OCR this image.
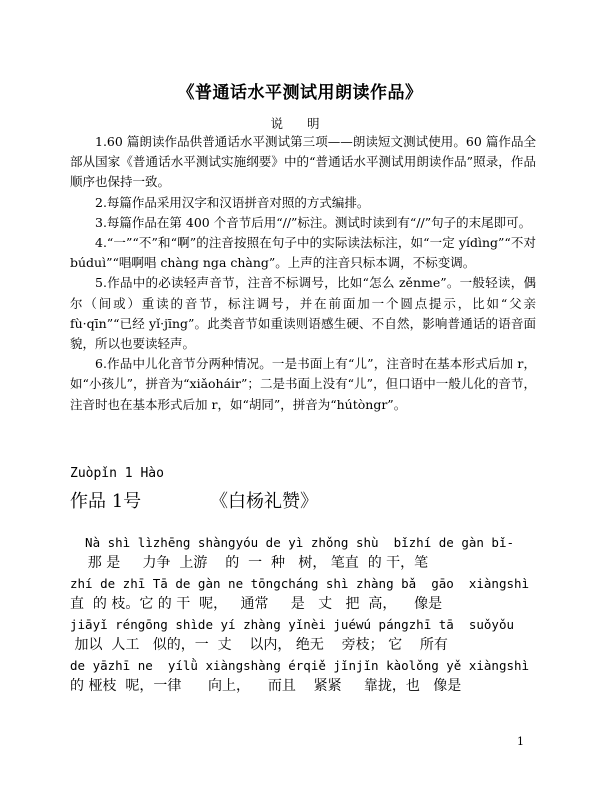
《普通话水平测试用朗读作品》
说 明

1.60 篇朗读作品供普通话水平测试第三项——朗读短文测试使用。60 篇作品全部从国家《普通话水平测试实施纲要》中的“普通话水平测试用朗读作品”照录，作品顺序也保持一致。

2.每篇作品采用汉字和汉语拼音对照的方式编排。

3.每篇作品在第 400 个音节后用“//”标注。测试时读到有“//”句子的末尾即可。

4.“一”“不”和“啊”的注音按照在句子中的实际读法标注，如“一定 yídìng”“不对 búduì”“唱啊唱 chàng nga chàng”。上声的注音只标本调，不标变调。

5.作品中的必读轻声音节，注音不标调号，比如“怎么 zěnme”。一般轻读，偶尔（间或）重读的音节，标注调号，并在前面加一个圆点提示，比如“父亲 fù·qīn”“已经 yǐ·jīng”。此类音节如重读则语感生硬、不自然，影响普通话的语音面貌，所以也要读轻声。

6.作品中儿化音节分两种情况。一是书面上有“儿”，注音时在基本形式后加 r，如“小孩儿”，拼音为“xiǎoháir”；二是书面上没有“儿”，但口语中一般儿化的音节，注音时也在基本形式后加 r，如“胡同”，拼音为“hútòngr”。

Zuòpǐn 1 Hào
作品 1号	《白杨礼赞》
Nà shì lìzhēng shàngyóu de yì zhǒng shù  bǐzhí de gàn bǐ-
那 是     力争  上游    的  一  种   树， 笔直  的 干，笔
zhí de zhī Tā de gàn ne tōngcháng shì zhàng bǎ  gāo  xiàngshì
直  的 枝。它 的 干  呢，   通常     是   丈   把  高，    像是
jiāyǐ réngōng shìde yí zhàng yǐnèi juéwú pángzhī tā  suǒyǒu
加以  人工   似的，一  丈    以内， 绝无    旁枝； 它    所有
de yāzhī ne  yílǜ xiàngshàng érqiě jǐnjǐn kàolǒng yě xiàngshì
的 桠枝  呢，一律      向上，    而且    紧紧     靠拢，也   像是
1
